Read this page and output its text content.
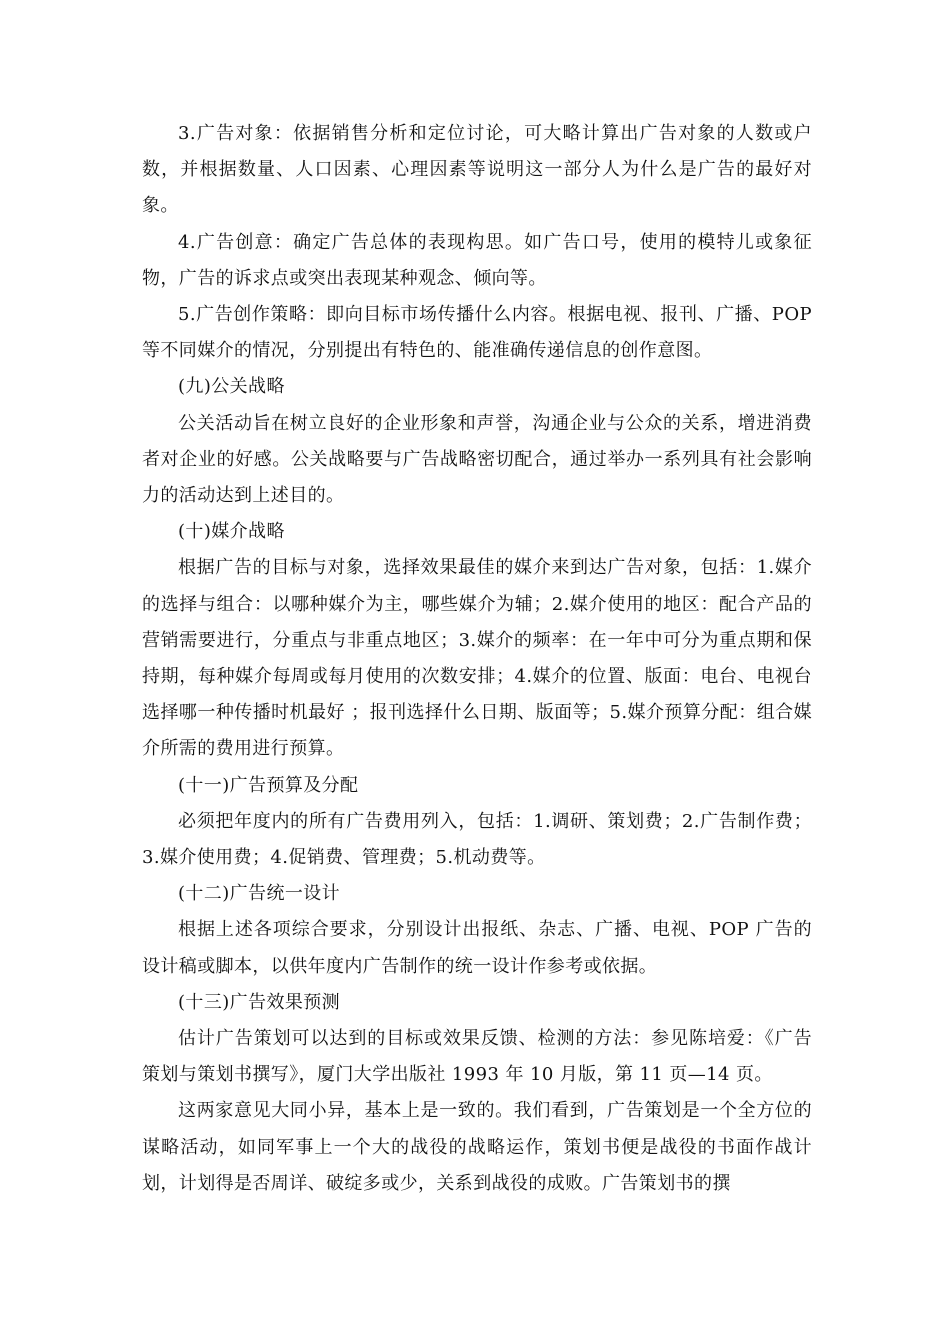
3.广告对象：依据销售分析和定位讨论，可大略计算出广告对象的人数或户数，并根据数量、人口因素、心理因素等说明这一部分人为什么是广告的最好对象。

4.广告创意：确定广告总体的表现构思。如广告口号，使用的模特儿或象征物，广告的诉求点或突出表现某种观念、倾向等。

5.广告创作策略：即向目标市场传播什么内容。根据电视、报刊、广播、POP等不同媒介的情况，分别提出有特色的、能准确传递信息的创作意图。

(九)公关战略

公关活动旨在树立良好的企业形象和声誉，沟通企业与公众的关系，增进消费者对企业的好感。公关战略要与广告战略密切配合，通过举办一系列具有社会影响力的活动达到上述目的。

(十)媒介战略

根据广告的目标与对象，选择效果最佳的媒介来到达广告对象，包括：1.媒介的选择与组合：以哪种媒介为主，哪些媒介为辅；2.媒介使用的地区：配合产品的营销需要进行，分重点与非重点地区；3.媒介的频率：在一年中可分为重点期和保持期，每种媒介每周或每月使用的次数安排；4.媒介的位置、版面：电台、电视台选择哪一种传播时机最好 ；报刊选择什么日期、版面等；5.媒介预算分配：组合媒介所需的费用进行预算。

(十一)广告预算及分配

必须把年度内的所有广告费用列入，包括：1.调研、策划费；2.广告制作费；3.媒介使用费；4.促销费、管理费；5.机动费等。

(十二)广告统一设计

根据上述各项综合要求，分别设计出报纸、杂志、广播、电视、POP 广告的设计稿或脚本，以供年度内广告制作的统一设计作参考或依据。

(十三)广告效果预测

估计广告策划可以达到的目标或效果反馈、检测的方法：参见陈培爱：《广告策划与策划书撰写》，厦门大学出版社 1993 年 10 月版，第 11 页—14 页。

这两家意见大同小异，基本上是一致的。我们看到，广告策划是一个全方位的谋略活动，如同军事上一个大的战役的战略运作，策划书便是战役的书面作战计划，计划得是否周详、破绽多或少，关系到战役的成败。广告策划书的撰
